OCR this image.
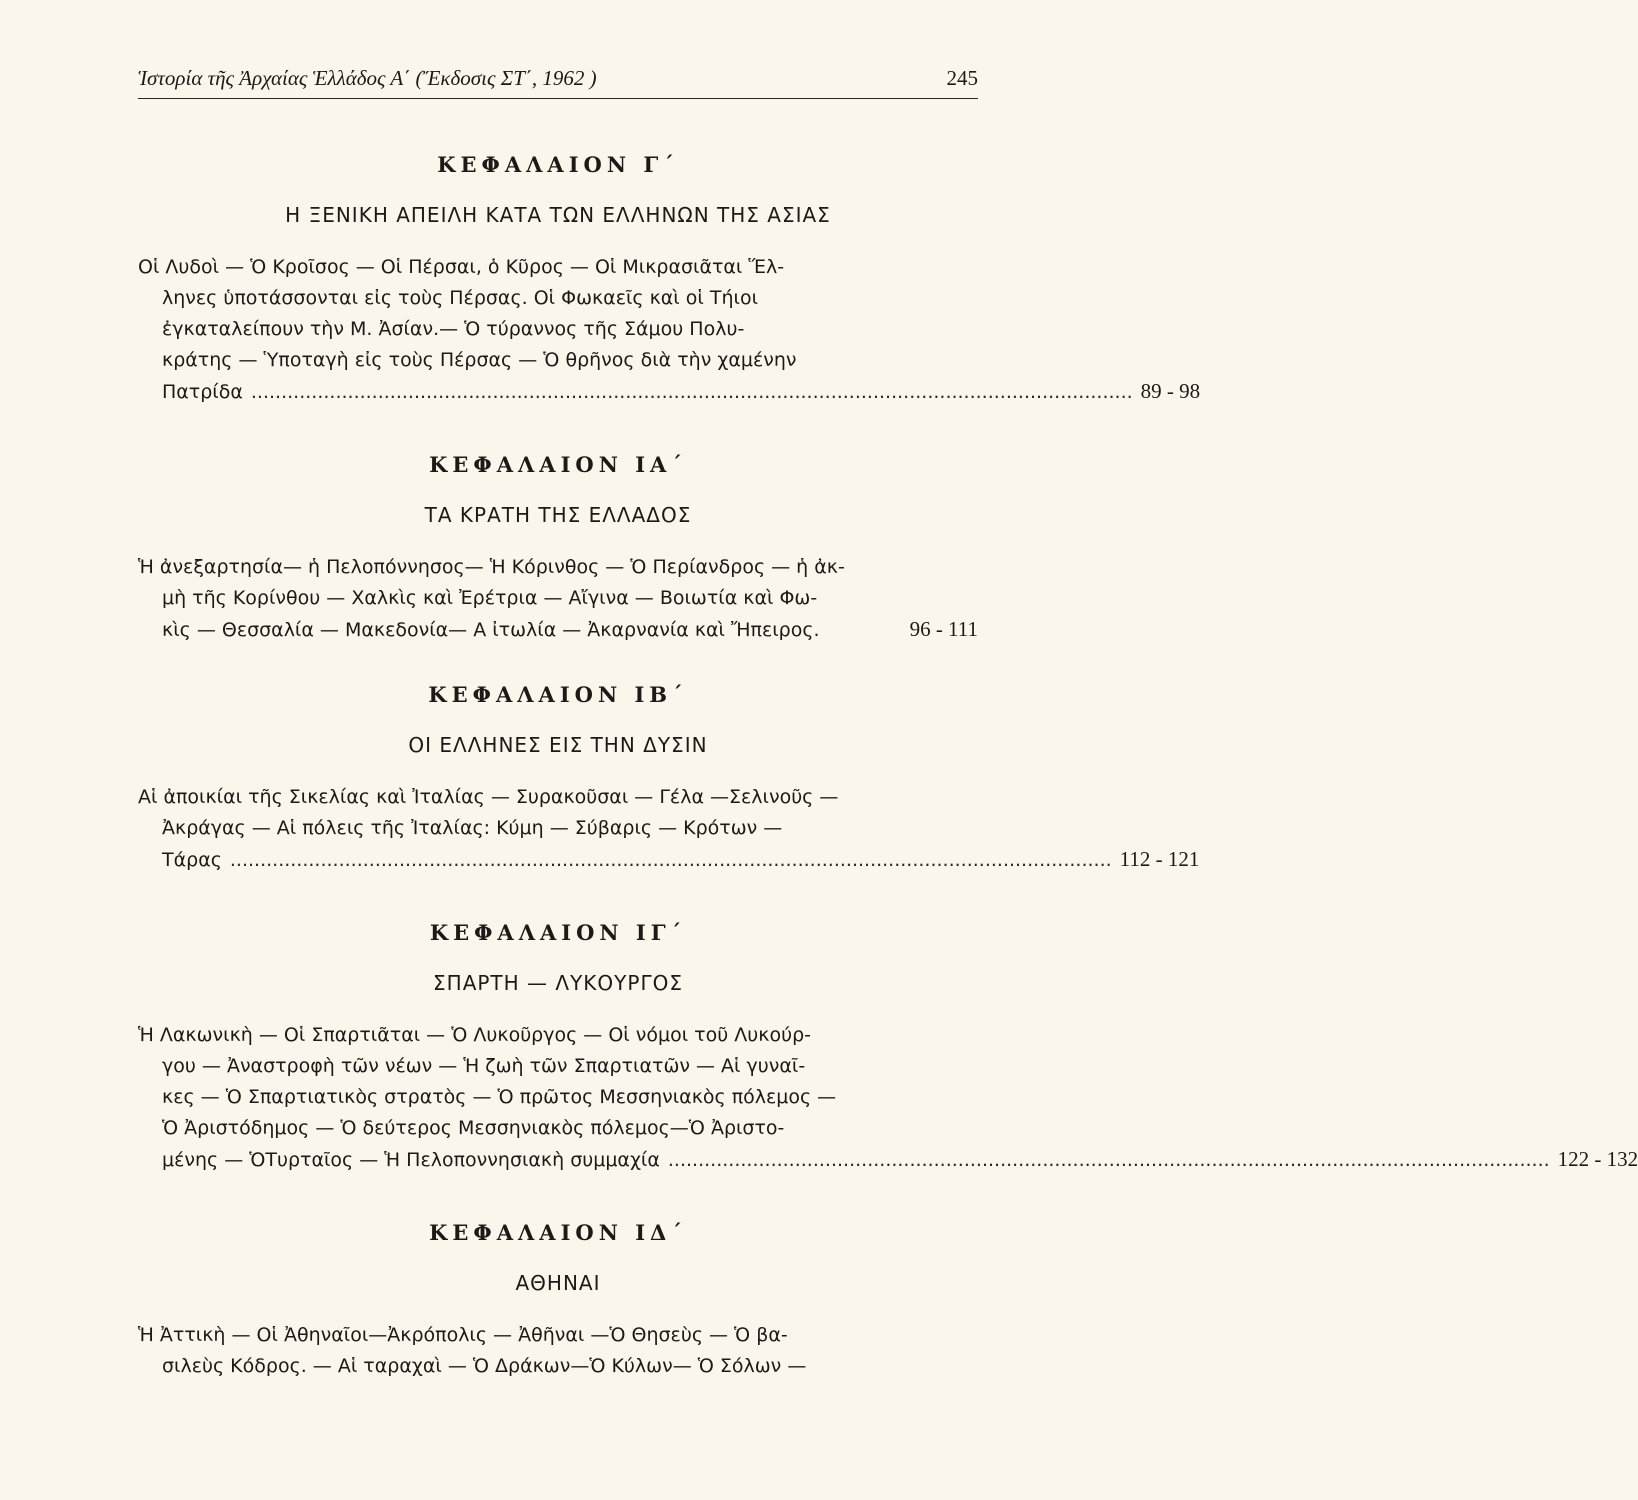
Ἱστορία τῆς Ἀρχαίας Ἑλλάδος Α΄ (Ἔκδοσις ΣΤ΄, 1962 )	245
ΚΕΦΑΛΑΙΟΝ Γ΄
Η ΞΕΝΙΚΗ ΑΠΕΙΛΗ ΚΑΤΑ ΤΩΝ ΕΛΛΗΝΩΝ ΤΗΣ ΑΣΙΑΣ
Οἱ Λυδοὶ — Ὁ Κροῖσος — Οἱ Πέρσαι, ὁ Κῦρος — Οἱ Μικρασιᾶται Ἕλ-
ληνες ὑποτάσσονται εἰς τοὺς Πέρσας. Οἱ Φωκαεῖς καὶ οἱ Τήιοι
ἐγκαταλείπουν τὴν Μ. Ἀσίαν.— Ὁ τύραννος τῆς Σάμου Πολυ-
κράτης — Ὑποταγὴ εἰς τοὺς Πέρσας — Ὁ θρῆνος διὰ τὴν χαμένην
Πατρίδα .................................................................................................................................................. 89 - 98
ΚΕΦΑΛΑΙΟΝ ΙΑ΄
ΤΑ ΚΡΑΤΗ ΤΗΣ ΕΛΛΑΔΟΣ
Ἡ ἀνεξαρτησία— ἡ Πελοπόννησος— Ἡ Κόρινθος — Ὁ Περίανδρος — ἡ ἀκ-
μὴ τῆς Κορίνθου — Χαλκὶς καὶ Ἐρέτρια — Αἴγινα — Βοιωτία καὶ Φω-
κὶς — Θεσσαλία — Μακεδονία— Α ἰτωλία — Ἀκαρνανία καὶ Ἤπειρος.	96 - 111
ΚΕΦΑΛΑΙΟΝ ΙΒ΄
ΟΙ ΕΛΛΗΝΕΣ ΕΙΣ ΤΗΝ ΔΥΣΙΝ
Αἱ ἀποικίαι τῆς Σικελίας καὶ Ἰταλίας — Συρακοῦσαι — Γέλα —Σελινοῦς —
Ἀκράγας — Αἱ πόλεις τῆς Ἰταλίας: Κύμη — Σύβαρις — Κρότων —
Τάρας .................................................................................................................................................. 112 - 121
ΚΕΦΑΛΑΙΟΝ ΙΓ΄
ΣΠΑΡΤΗ — ΛΥΚΟΥΡΓΟΣ
Ἡ Λακωνικὴ — Οἱ Σπαρτιᾶται — Ὁ Λυκοῦργος — Οἱ νόμοι τοῦ Λυκούρ-
γου — Ἀναστροφὴ τῶν νέων — Ἡ ζωὴ τῶν Σπαρτιατῶν — Αἱ γυναῖ-
κες — Ὁ Σπαρτιατικὸς στρατὸς — Ὁ πρῶτος Μεσσηνιακὸς πόλεμος —
Ὁ Ἀριστόδημος — Ὁ δεύτερος Μεσσηνιακὸς πόλεμος—Ὁ Ἀριστο-
μένης — ὉΤυρταῖος — Ἡ Πελοποννησιακὴ συμμαχία .................................................................................................................................................. 122 - 132
ΚΕΦΑΛΑΙΟΝ ΙΔ΄
ΑΘΗΝΑΙ
Ἡ Ἀττικὴ — Οἱ Ἀθηναῖοι—Ἀκρόπολις — Ἀθῆναι —Ὁ Θησεὺς — Ὁ βα-
σιλεὺς Κόδρος. — Αἱ ταραχαὶ — Ὁ Δράκων—Ὁ Κύλων— Ὁ Σόλων —
